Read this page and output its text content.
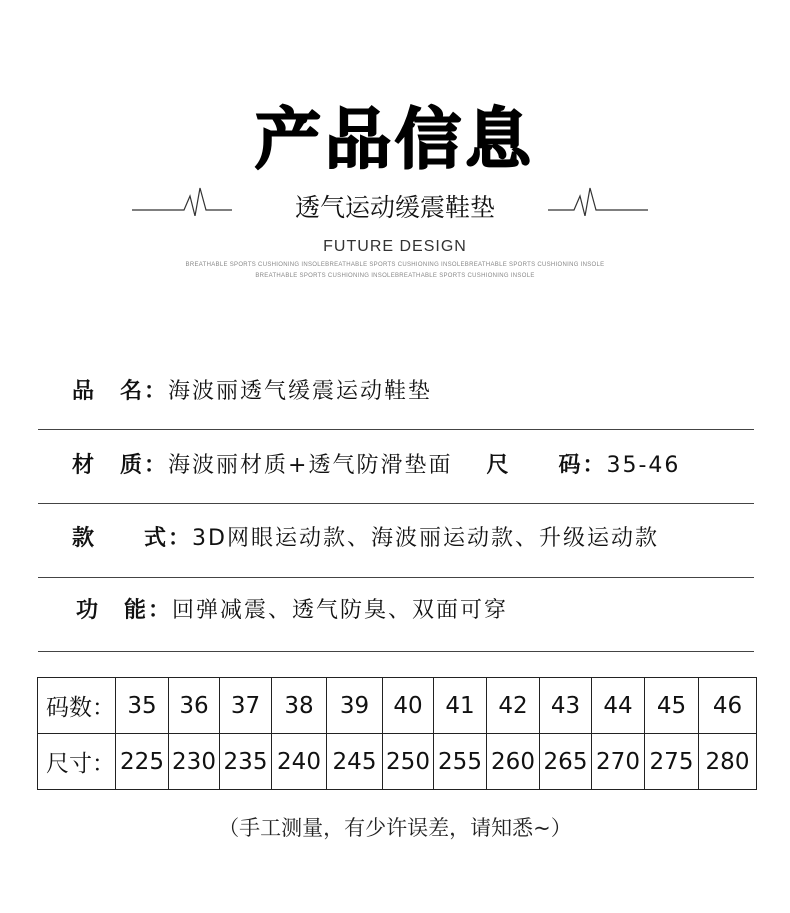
产品信息
透气运动缓震鞋垫
FUTURE DESIGN
BREATHABLE SPORTS CUSHIONING INSOLEBREATHABLE SPORTS CUSHIONING INSOLEBREATHABLE SPORTS CUSHIONING INSOLE
BREATHABLE SPORTS CUSHIONING INSOLEBREATHABLE SPORTS CUSHIONING INSOLE
品　名：海波丽透气缓震运动鞋垫
材　质：海波丽材质+透气防滑垫面 尺　　码：35-46
款　　式：3D网眼运动款、海波丽运动款、升级运动款
功　能：回弹减震、透气防臭、双面可穿
码数：	35	36	37	38	39	40	41	42	43	44	45	46
尺寸：	225	230	235	240	245	250	255	260	265	270	275	280
（手工测量，有少许误差，请知悉~）
